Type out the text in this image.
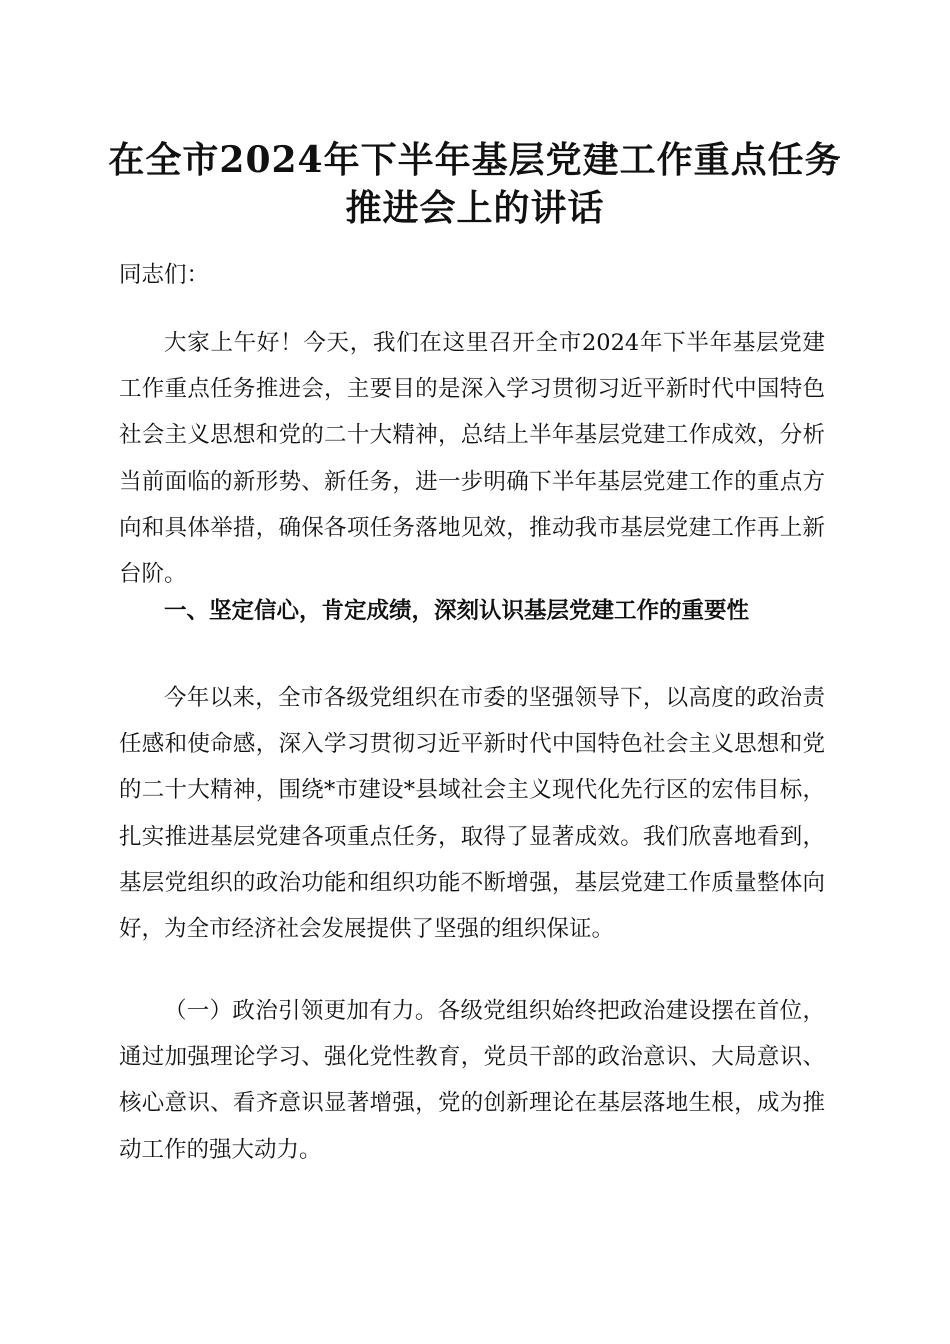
在全市2024年下半年基层党建工作重点任务
推进会上的讲话

同志们：

大家上午好！今天，我们在这里召开全市2024年下半年基层党建工作重点任务推进会，主要目的是深入学习贯彻习近平新时代中国特色社会主义思想和党的二十大精神，总结上半年基层党建工作成效，分析当前面临的新形势、新任务，进一步明确下半年基层党建工作的重点方向和具体举措，确保各项任务落地见效，推动我市基层党建工作再上新台阶。

一、坚定信心，肯定成绩，深刻认识基层党建工作的重要性

今年以来，全市各级党组织在市委的坚强领导下，以高度的政治责任感和使命感，深入学习贯彻习近平新时代中国特色社会主义思想和党的二十大精神，围绕*市建设*县域社会主义现代化先行区的宏伟目标，扎实推进基层党建各项重点任务，取得了显著成效。我们欣喜地看到，基层党组织的政治功能和组织功能不断增强，基层党建工作质量整体向好，为全市经济社会发展提供了坚强的组织保证。

（一）政治引领更加有力。各级党组织始终把政治建设摆在首位，通过加强理论学习、强化党性教育，党员干部的政治意识、大局意识、核心意识、看齐意识显著增强，党的创新理论在基层落地生根，成为推动工作的强大动力。
